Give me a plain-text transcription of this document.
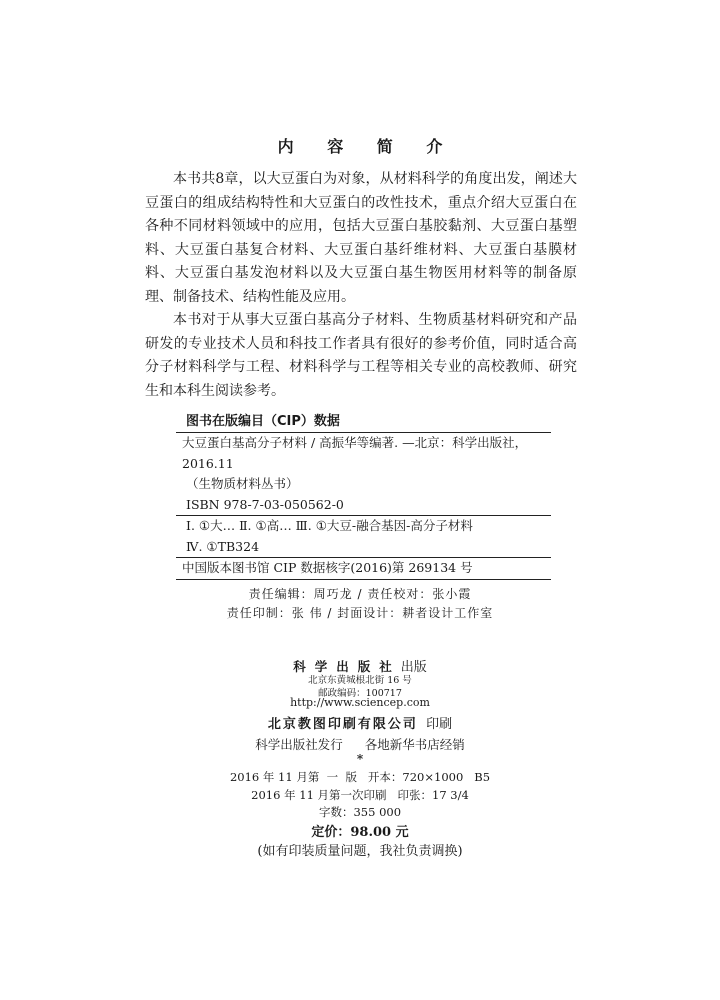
内 容 简 介

本书共8章，以大豆蛋白为对象，从材料科学的角度出发，阐述大豆蛋白的组成结构特性和大豆蛋白的改性技术，重点介绍大豆蛋白在各种不同材料领域中的应用，包括大豆蛋白基胶黏剂、大豆蛋白基塑料、大豆蛋白基复合材料、大豆蛋白基纤维材料、大豆蛋白基膜材料、大豆蛋白基发泡材料以及大豆蛋白基生物医用材料等的制备原理、制备技术、结构性能及应用。

本书对于从事大豆蛋白基高分子材料、生物质基材料研究和产品研发的专业技术人员和科技工作者具有很好的参考价值，同时适合高分子材料科学与工程、材料科学与工程等相关专业的高校教师、研究生和本科生阅读参考。

图书在版编目（CIP）数据
大豆蛋白基高分子材料 / 高振华等编著. —北京：科学出版社，
2016.11
（生物质材料丛书）
ISBN 978-7-03-050562-0
Ⅰ. ①大… Ⅱ. ①高… Ⅲ. ①大豆-融合基因-高分子材料
Ⅳ. ①TB324
中国版本图书馆 CIP 数据核字(2016)第 269134 号
责任编辑：周巧龙 / 责任校对：张小霞
责任印制：张 伟 / 封面设计：耕者设计工作室
科学出版社出版
北京东黄城根北街 16 号
邮政编码：100717
http://www.sciencep.com
北京教图印刷有限公司 印刷
科学出版社发行 各地新华书店经销
*
2016 年 11 月第  一  版   开本：720×1000   B5
2016 年 11 月第一次印刷   印张：17 3/4
字数：355 000
定价：98.00 元
(如有印装质量问题，我社负责调换)
